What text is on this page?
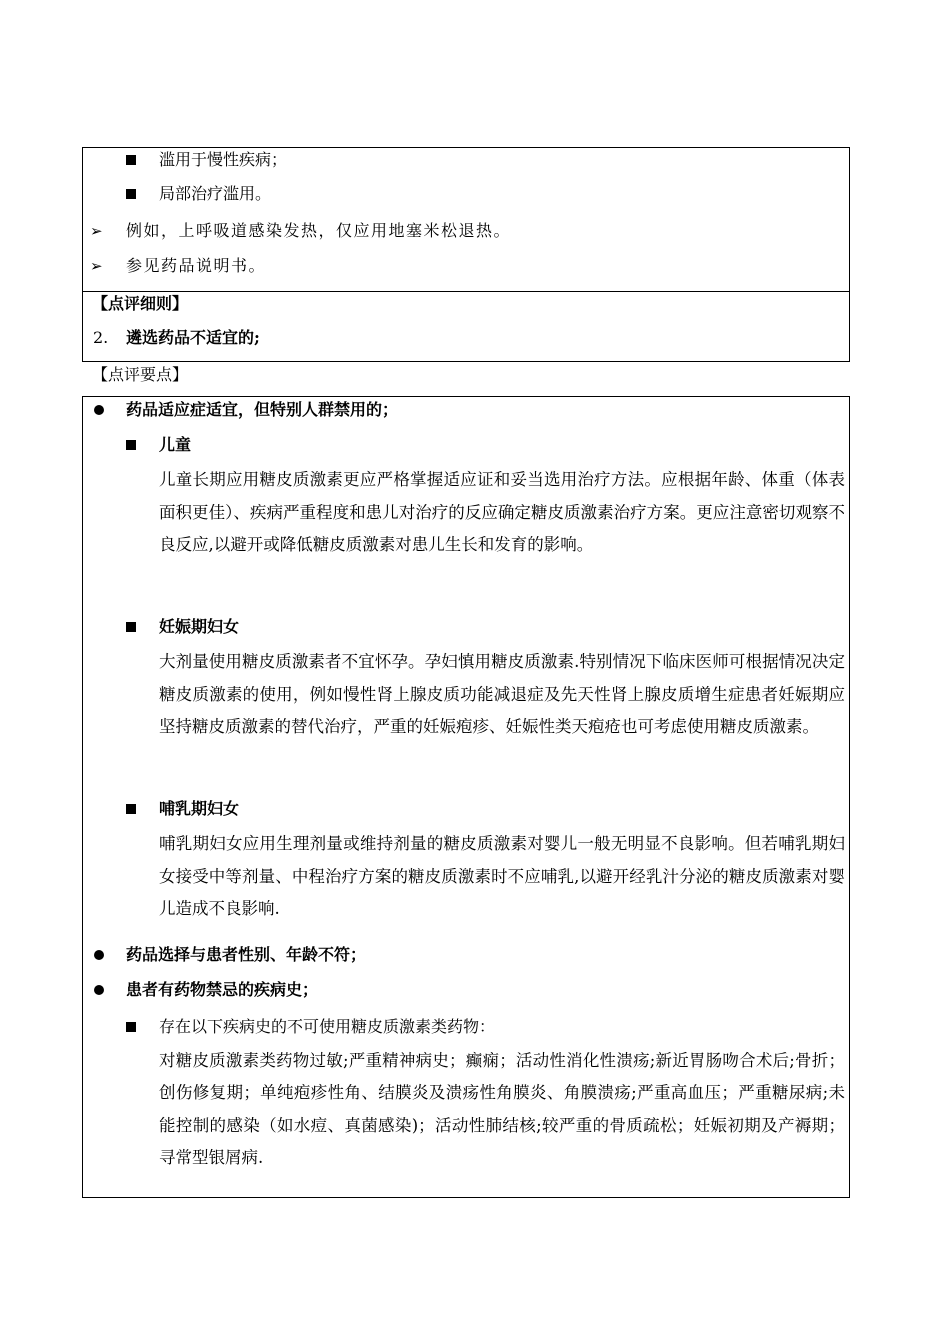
滥用于慢性疾病；
局部治疗滥用。
➢ 例如，上呼吸道感染发热，仅应用地塞米松退热。
➢ 参见药品说明书。
【点评细则】
2. 遴选药品不适宜的;
【点评要点】
药品适应症适宜，但特别人群禁用的；
儿童
儿童长期应用糖皮质激素更应严格掌握适应证和妥当选用治疗方法。应根据年龄、体重（体表面积更佳）、疾病严重程度和患儿对治疗的反应确定糖皮质激素治疗方案。更应注意密切观察不良反应,以避开或降低糖皮质激素对患儿生长和发育的影响。
妊娠期妇女
大剂量使用糖皮质激素者不宜怀孕。孕妇慎用糖皮质激素.特别情况下临床医师可根据情况决定糖皮质激素的使用，例如慢性肾上腺皮质功能减退症及先天性肾上腺皮质增生症患者妊娠期应坚持糖皮质激素的替代治疗，严重的妊娠疱疹、妊娠性类天疱疮也可考虑使用糖皮质激素。
哺乳期妇女
哺乳期妇女应用生理剂量或维持剂量的糖皮质激素对婴儿一般无明显不良影响。但若哺乳期妇女接受中等剂量、中程治疗方案的糖皮质激素时不应哺乳,以避开经乳汁分泌的糖皮质激素对婴儿造成不良影响.
药品选择与患者性别、年龄不符；
患者有药物禁忌的疾病史；
存在以下疾病史的不可使用糖皮质激素类药物：
对糖皮质激素类药物过敏;严重精神病史；癫痫；活动性消化性溃疡;新近胃肠吻合术后;骨折；创伤修复期；单纯疱疹性角、结膜炎及溃疡性角膜炎、角膜溃疡;严重高血压；严重糖尿病;未能控制的感染（如水痘、真菌感染)；活动性肺结核;较严重的骨质疏松；妊娠初期及产褥期；寻常型银屑病.
